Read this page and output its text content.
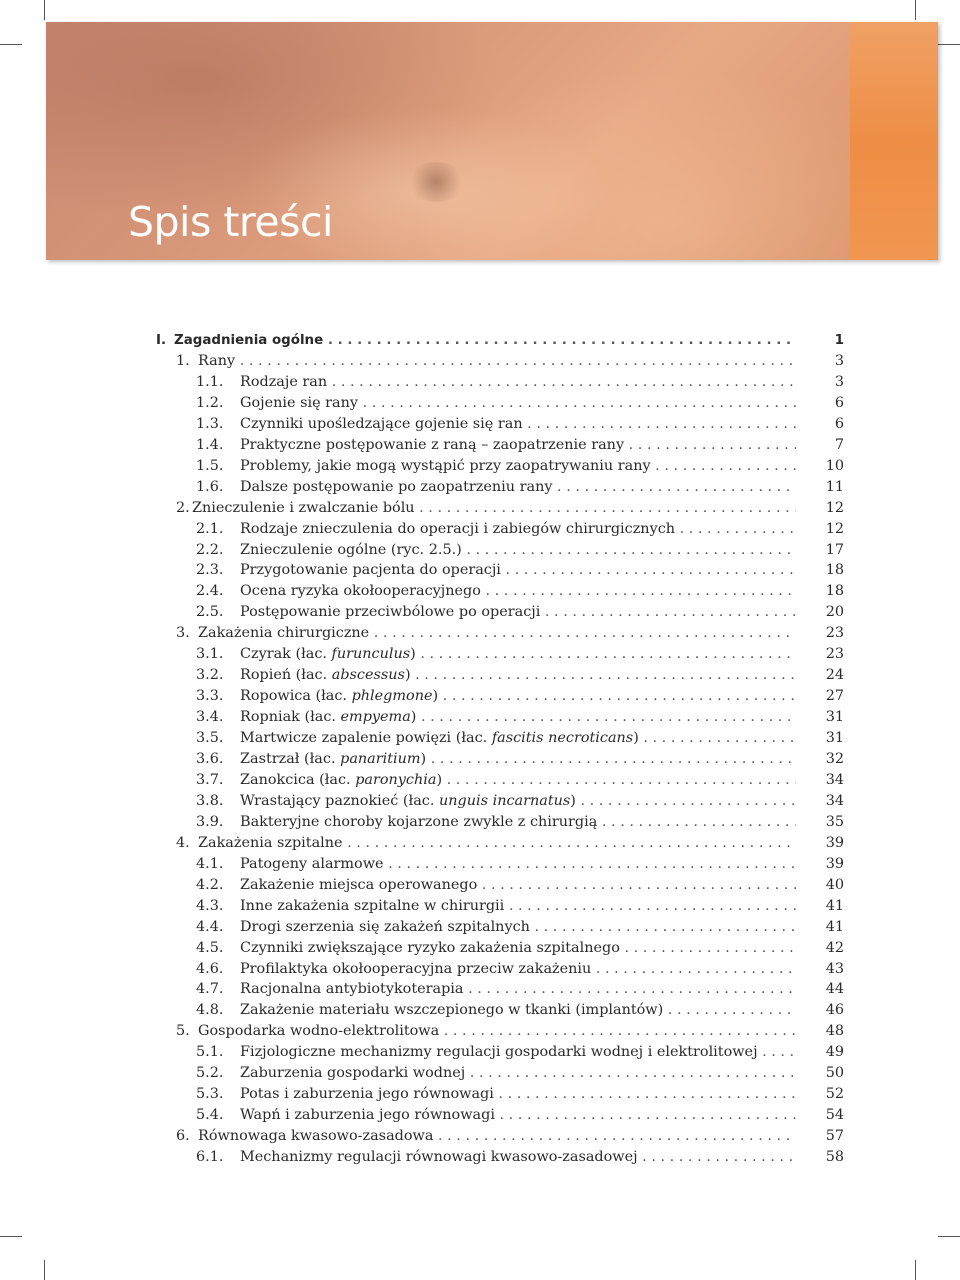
Spis treści
I. Zagadnienia ogólne . . .	1
1. Rany . . .	3
1.1. Rodzaje ran . . .	3
1.2. Gojenie się rany . . .	6
1.3. Czynniki upośledzające gojenie się ran . . .	6
1.4. Praktyczne postępowanie z raną – zaopatrzenie rany . . .	7
1.5. Problemy, jakie mogą wystąpić przy zaopatrywaniu rany . . .	10
1.6. Dalsze postępowanie po zaopatrzeniu rany . . .	11
2. Znieczulenie i zwalczanie bólu . . .	12
2.1. Rodzaje znieczulenia do operacji i zabiegów chirurgicznych . . .	12
2.2. Znieczulenie ogólne (ryc. 2.5.) . . .	17
2.3. Przygotowanie pacjenta do operacji . . .	18
2.4. Ocena ryzyka okołooperacyjnego . . .	18
2.5. Postępowanie przeciwbólowe po operacji . . .	20
3. Zakażenia chirurgiczne . . .	23
3.1. Czyrak (łac. furunculus) . . .	23
3.2. Ropień (łac. abscessus) . . .	24
3.3. Ropowica (łac. phlegmone) . . .	27
3.4. Ropniak (łac. empyema) . . .	31
3.5. Martwicze zapalenie powięzi (łac. fascitis necroticans) . . .	31
3.6. Zastrzał (łac. panaritium) . . .	32
3.7. Zanokcica (łac. paronychia) . . .	34
3.8. Wrastający paznokieć (łac. unguis incarnatus) . . .	34
3.9. Bakteryjne choroby kojarzone zwykle z chirurgią . . .	35
4. Zakażenia szpitalne . . .	39
4.1. Patogeny alarmowe . . .	39
4.2. Zakażenie miejsca operowanego . . .	40
4.3. Inne zakażenia szpitalne w chirurgii . . .	41
4.4. Drogi szerzenia się zakażeń szpitalnych . . .	41
4.5. Czynniki zwiększające ryzyko zakażenia szpitalnego . . .	42
4.6. Profilaktyka okołooperacyjna przeciw zakażeniu . . .	43
4.7. Racjonalna antybiotykoterapia . . .	44
4.8. Zakażenie materiału wszczepionego w tkanki (implantów) . . .	46
5. Gospodarka wodno-elektrolitowa . . .	48
5.1. Fizjologiczne mechanizmy regulacji gospodarki wodnej i elektrolitowej . . .	49
5.2. Zaburzenia gospodarki wodnej . . .	50
5.3. Potas i zaburzenia jego równowagi . . .	52
5.4. Wapń i zaburzenia jego równowagi . . .	54
6. Równowaga kwasowo-zasadowa . . .	57
6.1. Mechanizmy regulacji równowagi kwasowo-zasadowej . . .	58
